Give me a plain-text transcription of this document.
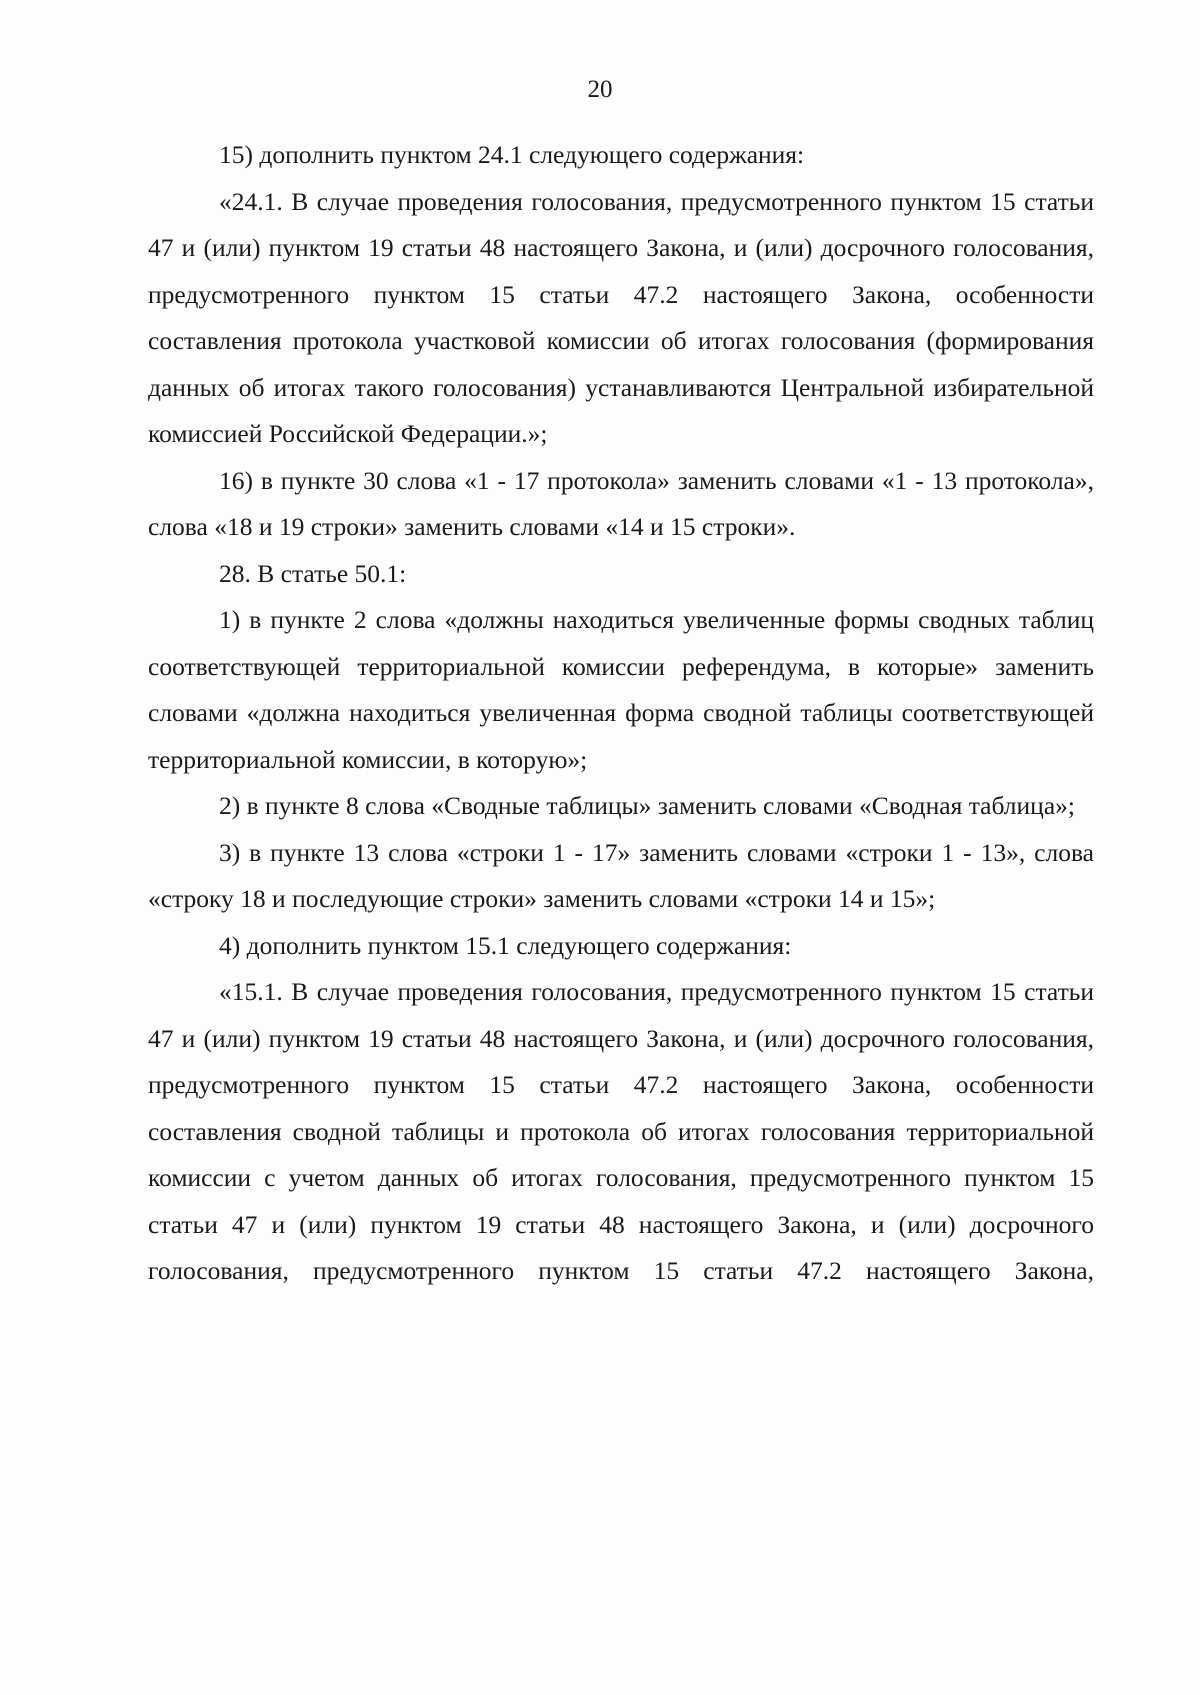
20

15) дополнить пунктом 24.1 следующего содержания:

«24.1. В случае проведения голосования, предусмотренного пунктом 15 статьи 47 и (или) пунктом 19 статьи 48 настоящего Закона, и (или) досрочного голосования, предусмотренного пунктом 15 статьи 47.2 настоящего Закона, особенности составления протокола участковой комиссии об итогах голосования (формирования данных об итогах такого голосования) устанавливаются Центральной избирательной комиссией Российской Федерации.»;

16) в пункте 30 слова «1 - 17 протокола» заменить словами «1 - 13 протокола», слова «18 и 19 строки» заменить словами «14 и 15 строки».

28. В статье 50.1:

1) в пункте 2 слова «должны находиться увеличенные формы сводных таблиц соответствующей территориальной комиссии референдума, в которые» заменить словами «должна находиться увеличенная форма сводной таблицы соответствующей территориальной комиссии, в которую»;

2) в пункте 8 слова «Сводные таблицы» заменить словами «Сводная таблица»;

3) в пункте 13 слова «строки 1 - 17» заменить словами «строки 1 - 13», слова «строку 18 и последующие строки» заменить словами «строки 14 и 15»;

4) дополнить пунктом 15.1 следующего содержания:

«15.1. В случае проведения голосования, предусмотренного пунктом 15 статьи 47 и (или) пунктом 19 статьи 48 настоящего Закона, и (или) досрочного голосования, предусмотренного пунктом 15 статьи 47.2 настоящего Закона, особенности составления сводной таблицы и протокола об итогах голосования территориальной комиссии с учетом данных об итогах голосования, предусмотренного пунктом 15 статьи 47 и (или) пунктом 19 статьи 48 настоящего Закона, и (или) досрочного голосования, предусмотренного пунктом 15 статьи 47.2 настоящего Закона,
